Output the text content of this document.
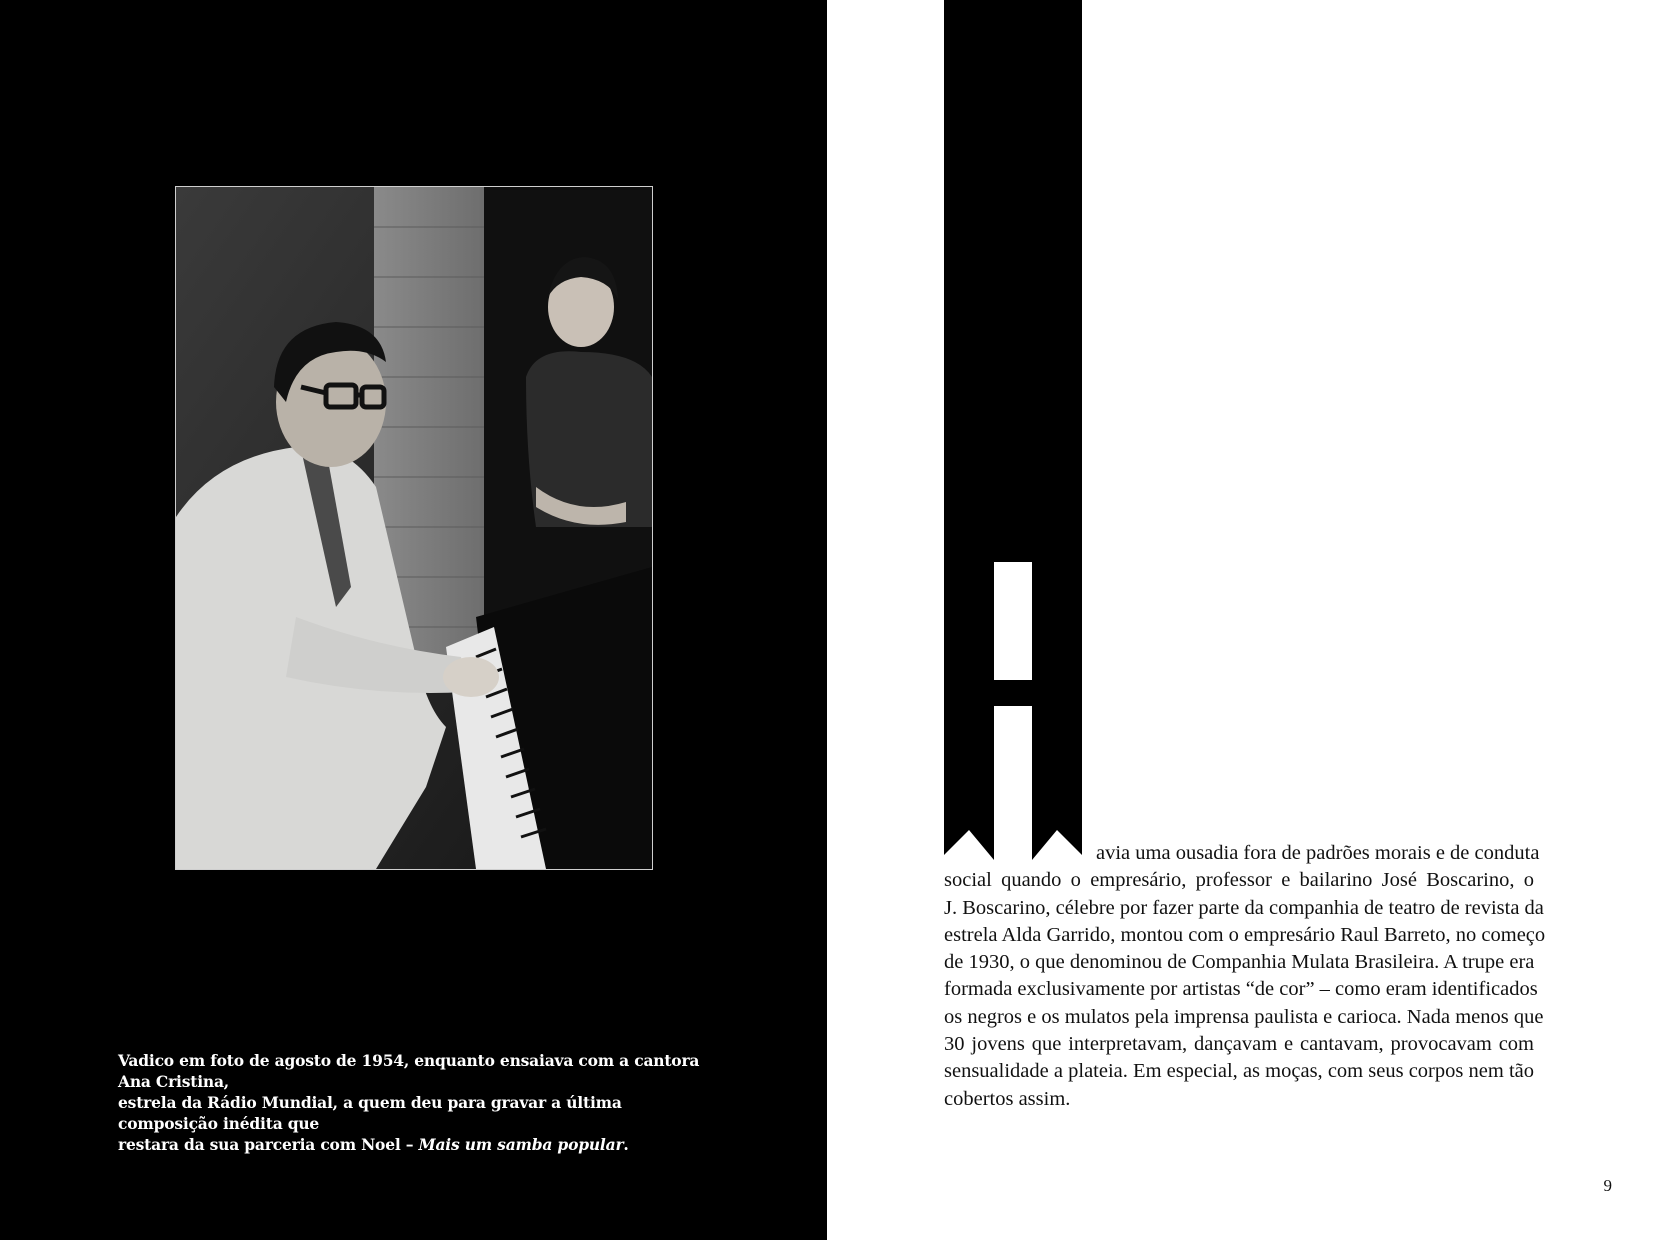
Vadico em foto de agosto de 1954, enquanto ensaiava com a cantora Ana Cristina,
estrela da Rádio Mundial, a quem deu para gravar a última composição inédita que
restara da sua parceria com Noel – Mais um samba popular.
avia uma ousadia fora de padrões morais e de conduta
social quando o empresário, professor e bailarino José Boscarino, o
J. Boscarino, célebre por fazer parte da companhia de teatro de revista da
estrela Alda Garrido, montou com o empresário Raul Barreto, no começo
de 1930, o que denominou de Companhia Mulata Brasileira. A trupe era
formada exclusivamente por artistas “de cor” – como eram identificados
os negros e os mulatos pela imprensa paulista e carioca. Nada menos que
30 jovens que interpretavam, dançavam e cantavam, provocavam com
sensualidade a plateia. Em especial, as moças, com seus corpos nem tão
cobertos assim.
9
